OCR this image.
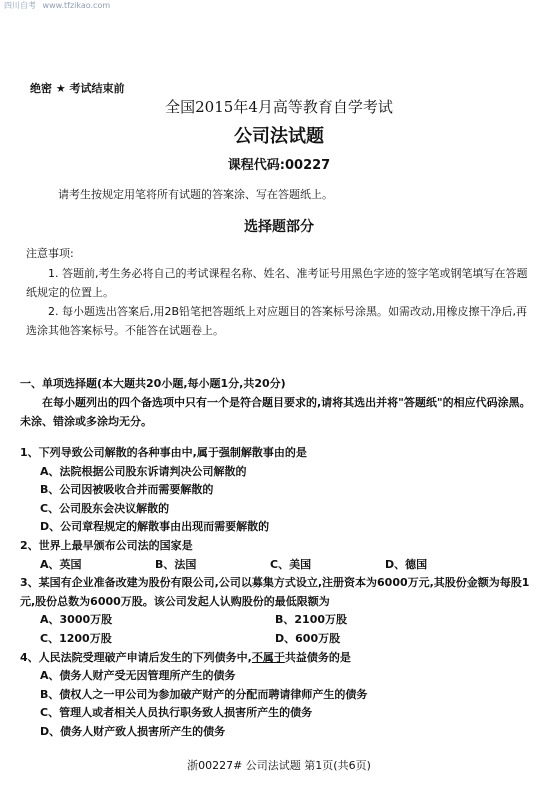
四川自考 www.tfzikao.com
绝密 ★ 考试结束前
全国2015年4月高等教育自学考试
公司法试题
课程代码:00227
请考生按规定用笔将所有试题的答案涂、写在答题纸上。
选择题部分
注意事项:

1. 答题前,考生务必将自己的考试课程名称、姓名、准考证号用黑色字迹的签字笔或钢笔填写在答题纸规定的位置上。

2. 每小题选出答案后,用2B铅笔把答题纸上对应题目的答案标号涂黑。如需改动,用橡皮擦干净后,再选涂其他答案标号。不能答在试题卷上。

一、单项选择题(本大题共20小题,每小题1分,共20分)
在每小题列出的四个备选项中只有一个是符合题目要求的,请将其选出并将"答题纸"的相应代码涂黑。未涂、错涂或多涂均无分。

1、下列导致公司解散的各种事由中,属于强制解散事由的是

A、法院根据公司股东诉请判决公司解散的

B、公司因被吸收合并而需要解散的

C、公司股东会决议解散的

D、公司章程规定的解散事由出现而需要解散的

2、世界上最早颁布公司法的国家是

A、英国	B、法国	C、美国	D、德国

3、某国有企业准备改建为股份有限公司,公司以募集方式设立,注册资本为6000万元,其股份金额为每股1元,股份总数为6000万股。该公司发起人认购股份的最低限额为

A、3000万股	B、2100万股
C、1200万股	D、600万股

4、人民法院受理破产申请后发生的下列债务中,不属于共益债务的是

A、债务人财产受无因管理所产生的债务

B、债权人之一甲公司为参加破产财产的分配而聘请律师产生的债务

C、管理人或者相关人员执行职务致人损害所产生的债务

D、债务人财产致人损害所产生的债务

浙00227# 公司法试题 第1页(共6页)
